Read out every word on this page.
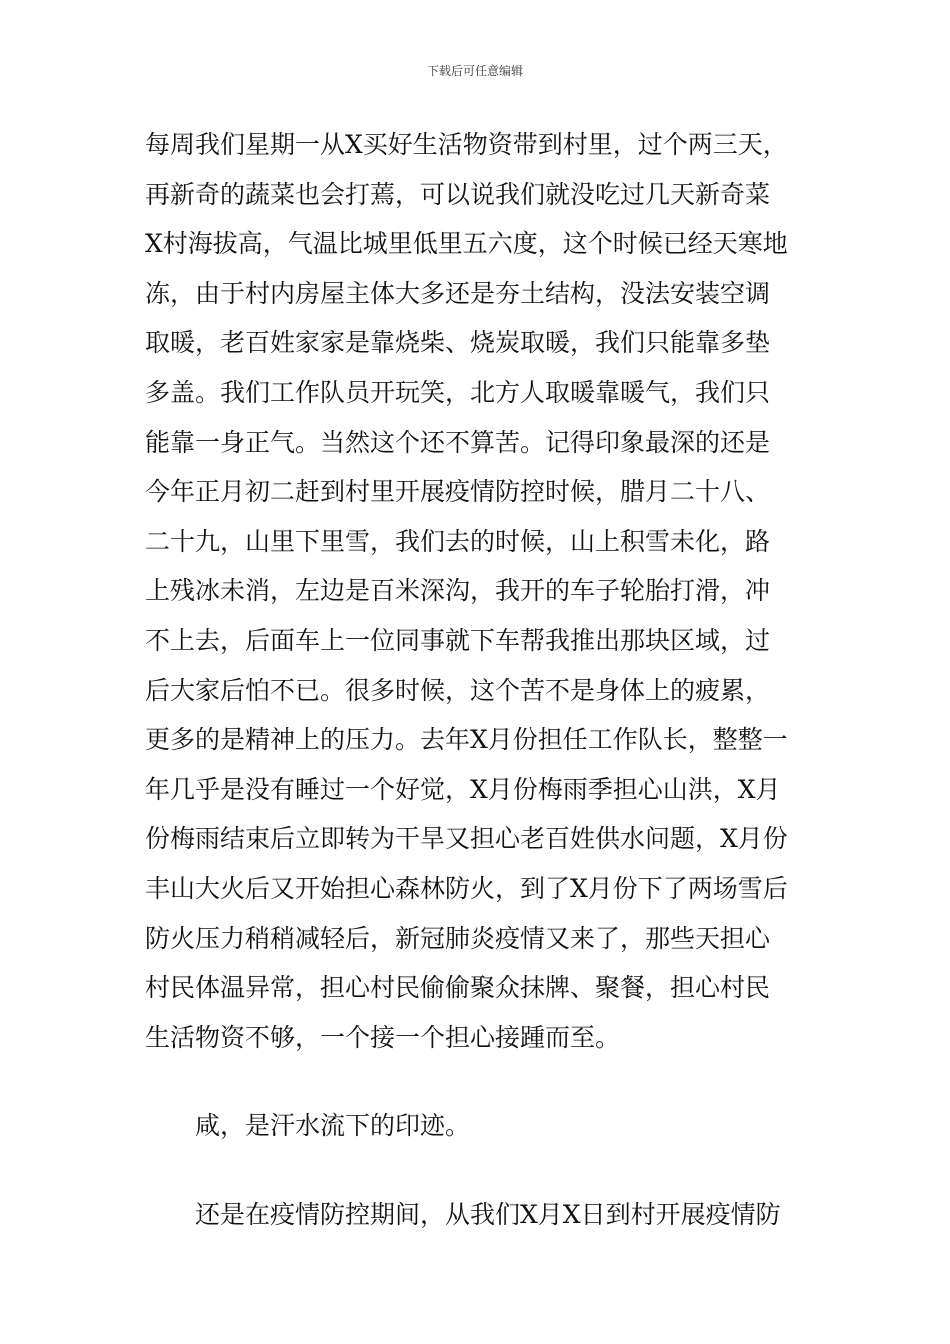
下载后可任意编辑
每周我们星期一从X买好生活物资带到村里，过个两三天，
再新奇的蔬菜也会打蔫，可以说我们就没吃过几天新奇菜
X村海拔高，气温比城里低里五六度，这个时候已经天寒地
冻，由于村内房屋主体大多还是夯土结构，没法安装空调
取暖，老百姓家家是靠烧柴、烧炭取暖，我们只能靠多垫
多盖。我们工作队员开玩笑，北方人取暖靠暖气，我们只
能靠一身正气。当然这个还不算苦。记得印象最深的还是
今年正月初二赶到村里开展疫情防控时候，腊月二十八、
二十九，山里下里雪，我们去的时候，山上积雪未化，路
上残冰未消，左边是百米深沟，我开的车子轮胎打滑，冲
不上去，后面车上一位同事就下车帮我推出那块区域，过
后大家后怕不已。很多时候，这个苦不是身体上的疲累，
更多的是精神上的压力。去年X月份担任工作队长，整整一
年几乎是没有睡过一个好觉，X月份梅雨季担心山洪，X月
份梅雨结束后立即转为干旱又担心老百姓供水问题，X月份
丰山大火后又开始担心森林防火，到了X月份下了两场雪后
防火压力稍稍减轻后，新冠肺炎疫情又来了，那些天担心
村民体温异常，担心村民偷偷聚众抹牌、聚餐，担心村民
生活物资不够，一个接一个担心接踵而至。
咸，是汗水流下的印迹。
还是在疫情防控期间，从我们X月X日到村开展疫情防
